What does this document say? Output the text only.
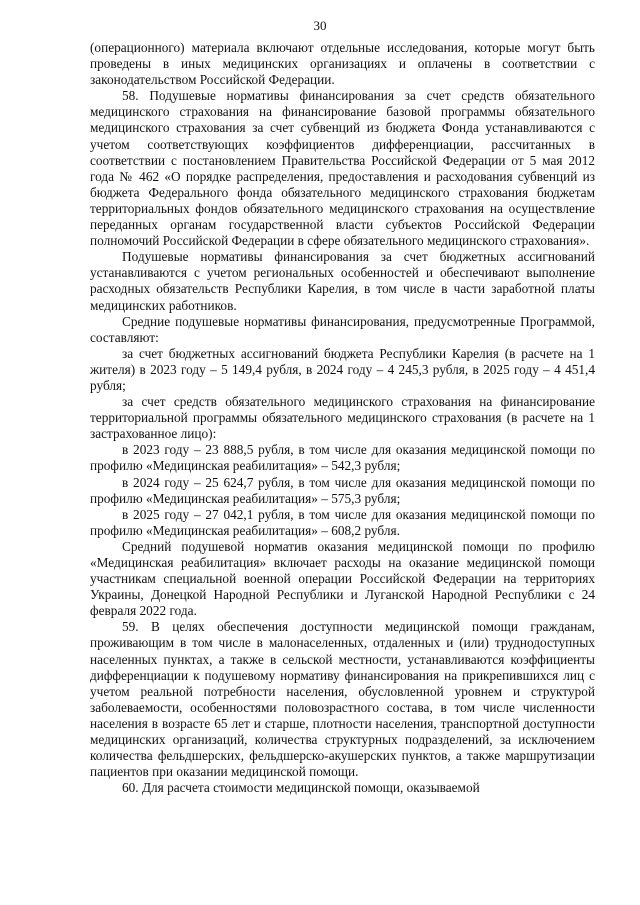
30

(операционного) материала включают отдельные исследования, которые могут быть проведены в иных медицинских организациях и оплачены в соответствии с законодательством Российской Федерации.

58. Подушевые нормативы финансирования за счет средств обязательного медицинского страхования на финансирование базовой программы обязательного медицинского страхования за счет субвенций из бюджета Фонда устанавливаются с учетом соответствующих коэффициентов дифференциации, рассчитанных в соответствии с постановлением Правительства Российской Федерации от 5 мая 2012 года № 462 «О порядке распределения, предоставления и расходования субвенций из бюджета Федерального фонда обязательного медицинского страхования бюджетам территориальных фондов обязательного медицинского страхования на осуществление переданных органам государственной власти субъектов Российской Федерации полномочий Российской Федерации в сфере обязательного медицинского страхования».

Подушевые нормативы финансирования за счет бюджетных ассигнований устанавливаются с учетом региональных особенностей и обеспечивают выполнение расходных обязательств Республики Карелия, в том числе в части заработной платы медицинских работников.

Средние подушевые нормативы финансирования, предусмотренные Программой, составляют:

за счет бюджетных ассигнований бюджета Республики Карелия (в расчете на 1 жителя) в 2023 году – 5 149,4 рубля, в 2024 году – 4 245,3 рубля, в 2025 году – 4 451,4 рубля;

за счет средств обязательного медицинского страхования на финансирование территориальной программы обязательного медицинского страхования (в расчете на 1 застрахованное лицо):

в 2023 году – 23 888,5 рубля, в том числе для оказания медицинской помощи по профилю «Медицинская реабилитация» – 542,3 рубля;

в 2024 году – 25 624,7 рубля, в том числе для оказания медицинской помощи по профилю «Медицинская реабилитация» – 575,3 рубля;

в 2025 году – 27 042,1 рубля, в том числе для оказания медицинской помощи по профилю «Медицинская реабилитация» – 608,2 рубля.

Средний подушевой норматив оказания медицинской помощи по профилю «Медицинская реабилитация» включает расходы на оказание медицинской помощи участникам специальной военной операции Российской Федерации на территориях Украины, Донецкой Народной Республики и Луганской Народной Республики с 24 февраля 2022 года.

59. В целях обеспечения доступности медицинской помощи гражданам, проживающим в том числе в малонаселенных, отдаленных и (или) труднодоступных населенных пунктах, а также в сельской местности, устанавливаются коэффициенты дифференциации к подушевому нормативу финансирования на прикрепившихся лиц с учетом реальной потребности населения, обусловленной уровнем и структурой заболеваемости, особенностями половозрастного состава, в том числе численности населения в возрасте 65 лет и старше, плотности населения, транспортной доступности медицинских организаций, количества структурных подразделений, за исключением количества фельдшерских, фельдшерско-акушерских пунктов, а также маршрутизации пациентов при оказании медицинской помощи.

60. Для расчета стоимости медицинской помощи, оказываемой
